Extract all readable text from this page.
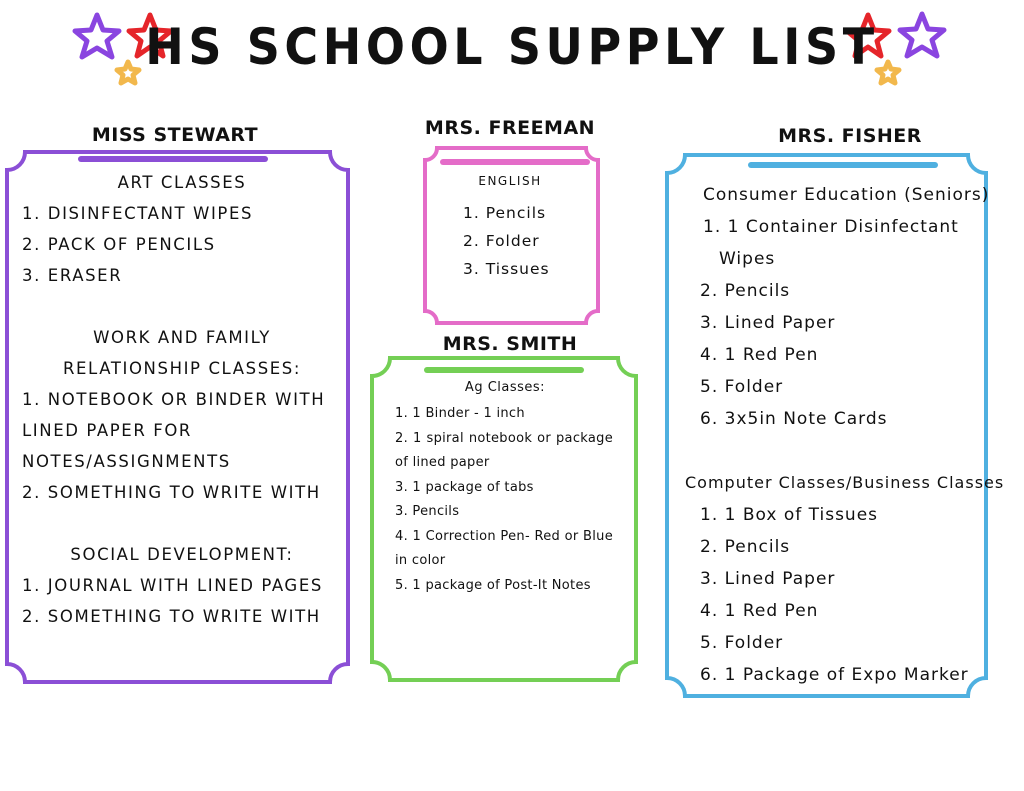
HS SCHOOL SUPPLY LIST
MISS STEWART	MRS. FREEMAN
MRS. SMITH
MRS. FISHER
ART CLASSES
1. DISINFECTANT WIPES
2. PACK OF PENCILS
3. ERASER

WORK AND FAMILY
RELATIONSHIP CLASSES:
1. NOTEBOOK OR BINDER WITH
LINED PAPER FOR
NOTES/ASSIGNMENTS
2. SOMETHING TO WRITE WITH

SOCIAL DEVELOPMENT:
1. JOURNAL WITH LINED PAGES
2. SOMETHING TO WRITE WITH
ENGLISH
1. Pencils
2. Folder
3. Tissues
Ag Classes:
1. 1 Binder - 1 inch
2. 1 spiral notebook or package of lined paper
3. 1 package of tabs
3. Pencils
4. 1 Correction Pen- Red or Blue in color
5. 1 package of Post-It Notes
Consumer Education (Seniors)
1. 1 Container Disinfectant
Wipes
2. Pencils
3. Lined Paper
4. 1 Red Pen
5. Folder
6. 3x5in Note Cards

Computer Classes/Business Classes
1. 1 Box of Tissues
2. Pencils
3. Lined Paper
4. 1 Red Pen
5. Folder
6. 1 Package of Expo Marker
